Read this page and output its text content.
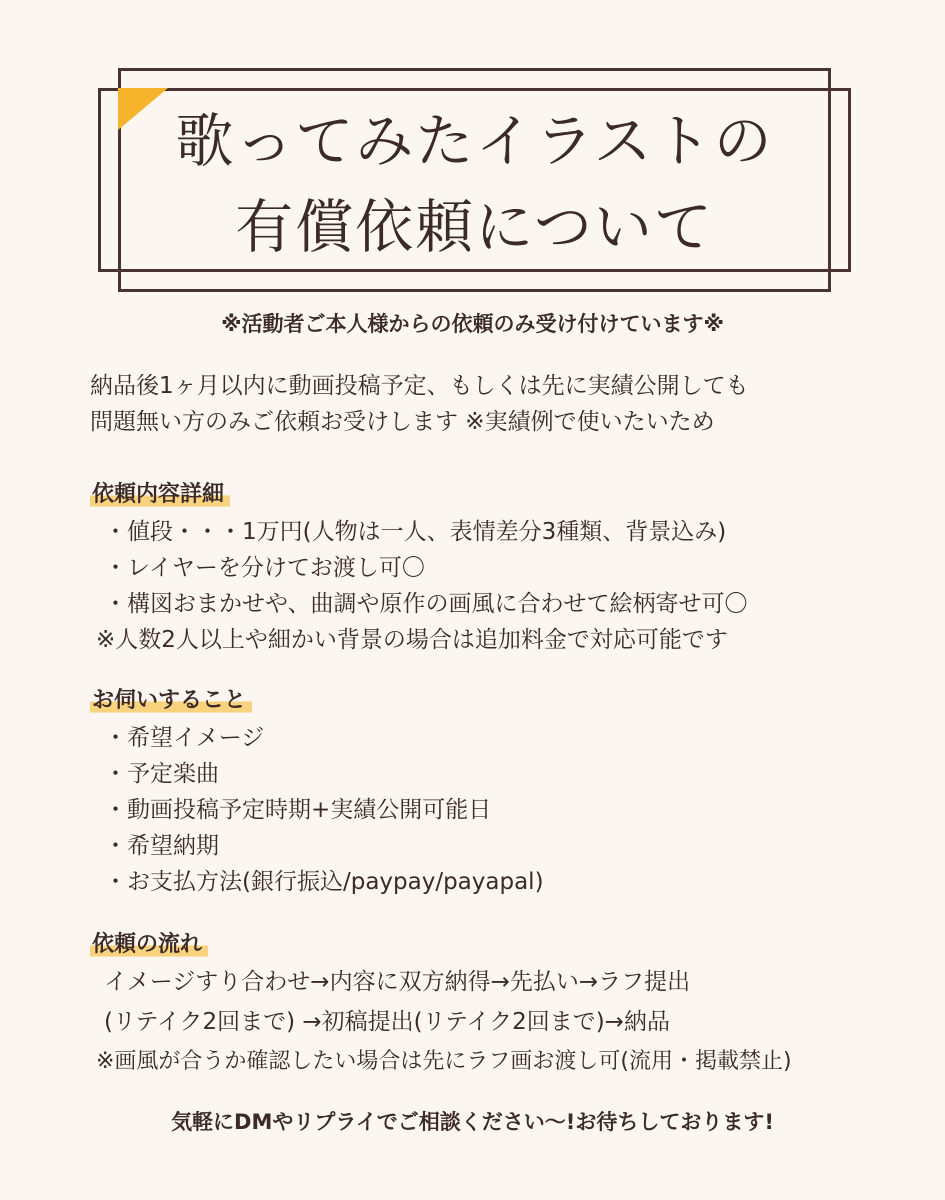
歌ってみたイラストの
有償依頼について
※活動者ご本人様からの依頼のみ受け付けています※
納品後1ヶ月以内に動画投稿予定、もしくは先に実績公開しても
問題無い方のみご依頼お受けします ※実績例で使いたいため
依頼内容詳細
・値段・・・1万円(人物は一人、表情差分3種類、背景込み)
・レイヤーを分けてお渡し可〇
・構図おまかせや、曲調や原作の画風に合わせて絵柄寄せ可〇
※人数2人以上や細かい背景の場合は追加料金で対応可能です
お伺いすること
・希望イメージ
・予定楽曲
・動画投稿予定時期+実績公開可能日
・希望納期
・お支払方法(銀行振込/paypay/payapal)
依頼の流れ
イメージすり合わせ→内容に双方納得→先払い→ラフ提出
(リテイク2回まで) →初稿提出(リテイク2回まで)→納品
※画風が合うか確認したい場合は先にラフ画お渡し可(流用・掲載禁止)
気軽にDMやリプライでご相談ください〜!お待ちしております!
